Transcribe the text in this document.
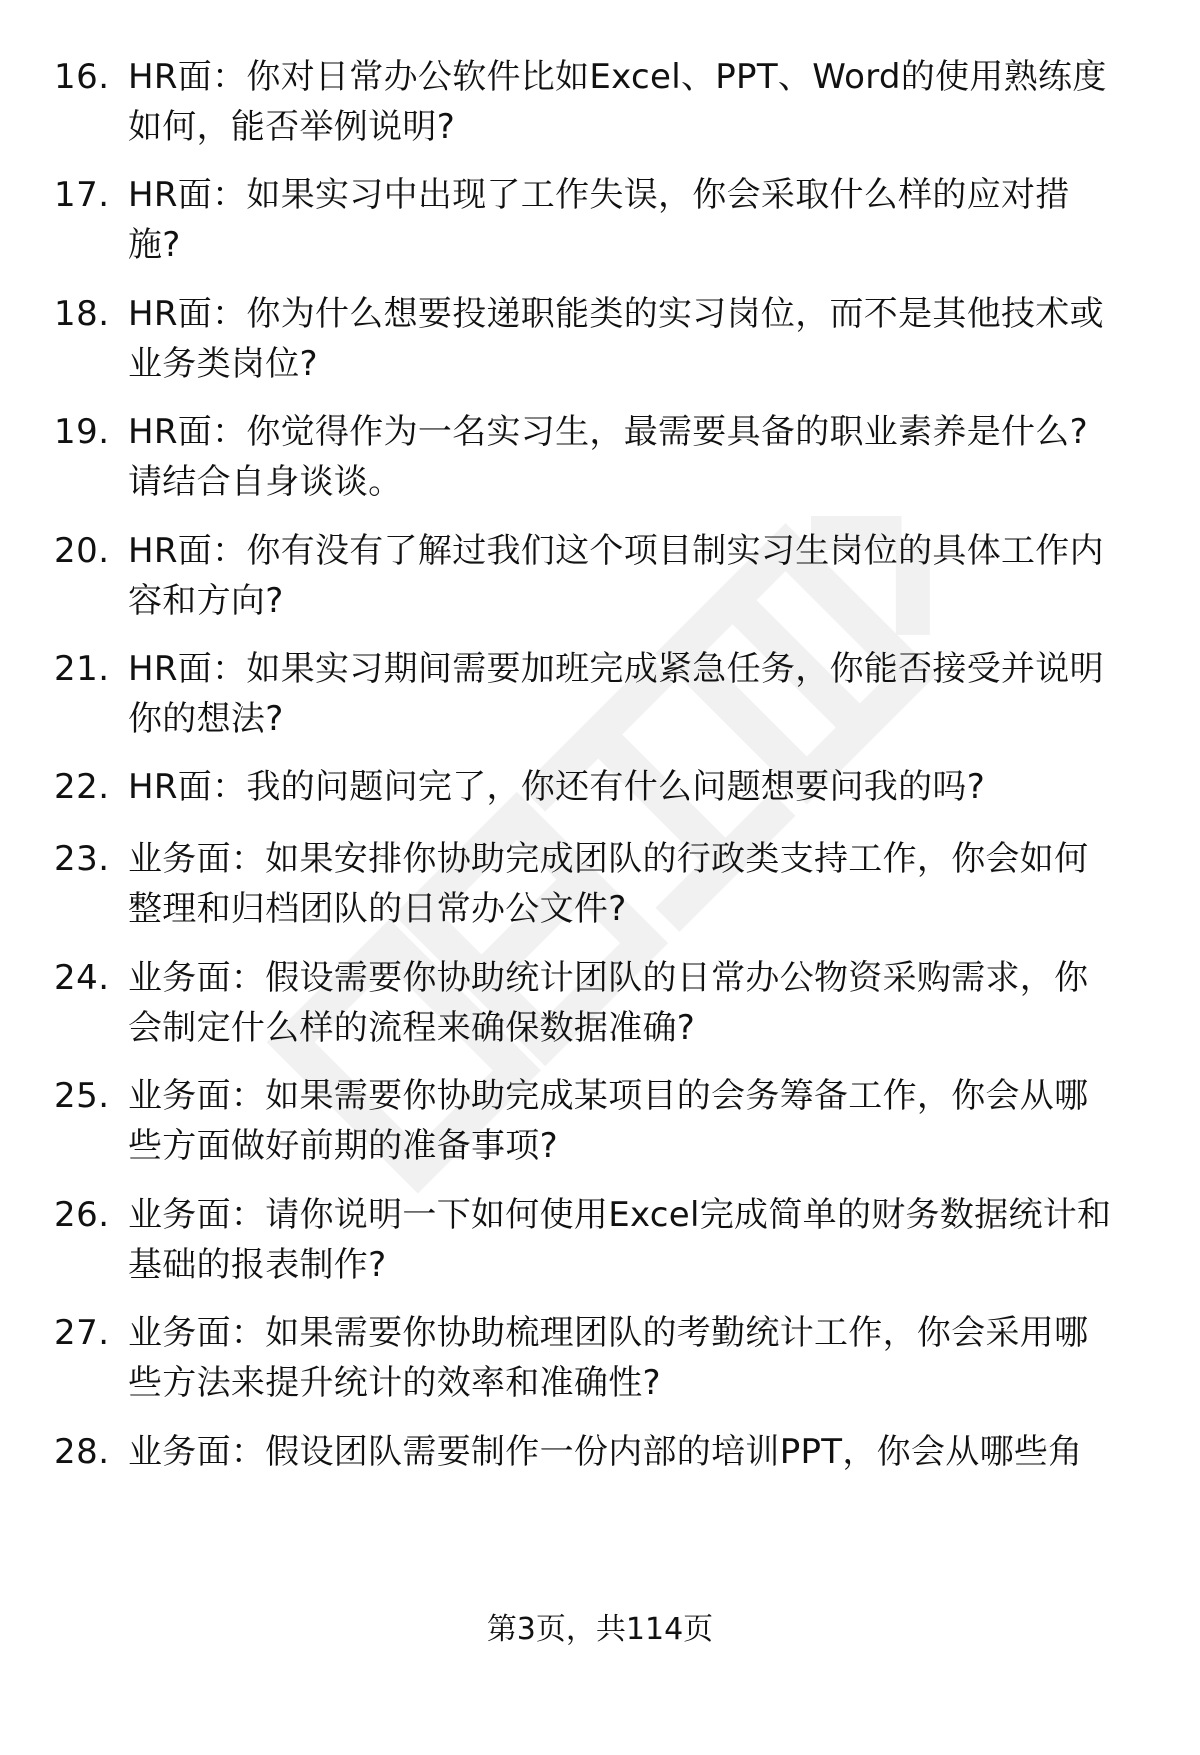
16. HR面：你对日常办公软件比如Excel、PPT、Word的使用熟练度
如何，能否举例说明?
17. HR面：如果实习中出现了工作失误，你会采取什么样的应对措
施?
18. HR面：你为什么想要投递职能类的实习岗位，而不是其他技术或
业务类岗位?
19. HR面：你觉得作为一名实习生，最需要具备的职业素养是什么?
请结合自身谈谈。
20. HR面：你有没有了解过我们这个项目制实习生岗位的具体工作内
容和方向?
21. HR面：如果实习期间需要加班完成紧急任务，你能否接受并说明
你的想法?
22. HR面：我的问题问完了，你还有什么问题想要问我的吗?
23. 业务面：如果安排你协助完成团队的行政类支持工作，你会如何
整理和归档团队的日常办公文件?
24. 业务面：假设需要你协助统计团队的日常办公物资采购需求，你
会制定什么样的流程来确保数据准确?
25. 业务面：如果需要你协助完成某项目的会务筹备工作，你会从哪
些方面做好前期的准备事项?
26. 业务面：请你说明一下如何使用Excel完成简单的财务数据统计和
基础的报表制作?
27. 业务面：如果需要你协助梳理团队的考勤统计工作，你会采用哪
些方法来提升统计的效率和准确性?
28. 业务面：假设团队需要制作一份内部的培训PPT，你会从哪些角
第3页，共114页
